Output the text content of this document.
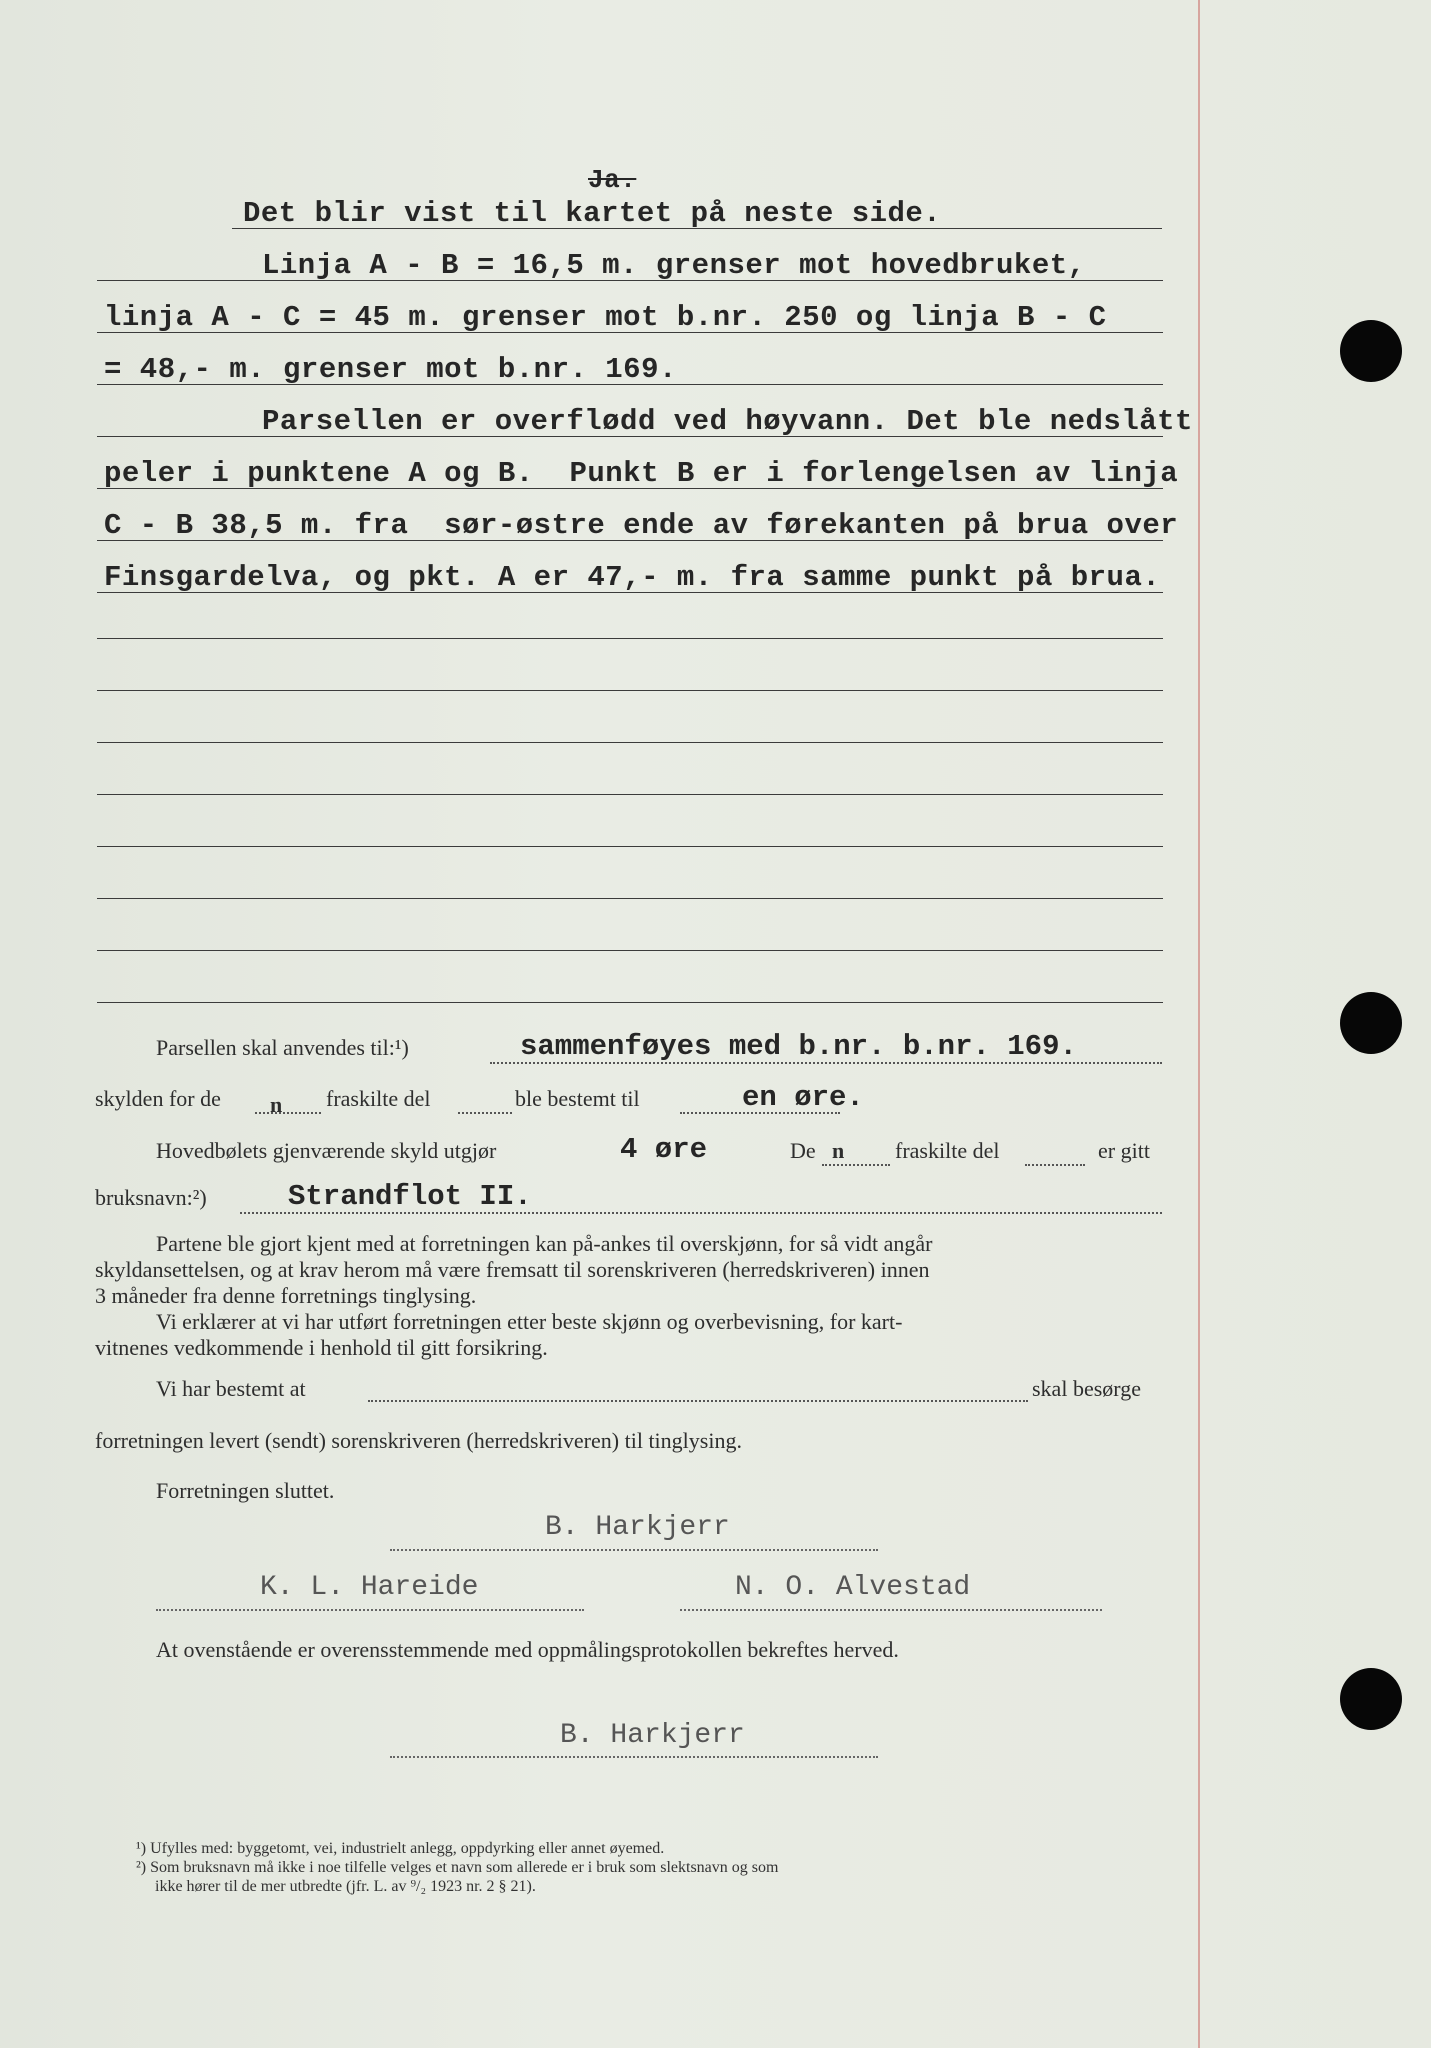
Ja.
Det blir vist til kartet på neste side.
Linja A - B = 16,5 m. grenser mot hovedbruket,
linja A - C = 45 m. grenser mot b.nr. 250 og linja B - C
= 48,- m. grenser mot b.nr. 169.
Parsellen er overflødd ved høyvann. Det ble nedslått
peler i punktene A og B.  Punkt B er i forlengelsen av linja
C - B 38,5 m. fra  sør-østre ende av førekanten på brua over
Finsgardelva, og pkt. A er 47,- m. fra samme punkt på brua.
Parsellen skal anvendes til:¹)	sammenføyes med b.nr. b.nr. 169.
skylden for de n fraskilte del	ble bestemt til	en øre.
Hovedbølets gjenværende skyld utgjør	4 øre	De n fraskilte del	er gitt
bruksnavn:²)	Strandflot II.

Partene ble gjort kjent med at forretningen kan på-ankes til overskjønn, for så vidt angår

skyldansettelsen, og at krav herom må være fremsatt til sorenskriveren (herredskriveren) innen

3 måneder fra denne forretnings tinglysing.

Vi erklærer at vi har utført forretningen etter beste skjønn og overbevisning, for kart-

vitnenes vedkommende i henhold til gitt forsikring.

Vi har bestemt at	skal besørge
forretningen levert (sendt) sorenskriveren (herredskriveren) til tinglysing.
Forretningen sluttet.
B. Harkjerr
K. L. Hareide	N. O. Alvestad
At ovenstående er overensstemmende med oppmålingsprotokollen bekreftes herved.
B. Harkjerr
¹) Ufylles med: byggetomt, vei, industrielt anlegg, oppdyrking eller annet øyemed.
²) Som bruksnavn må ikke i noe tilfelle velges et navn som allerede er i bruk som slektsnavn og som
ikke hører til de mer utbredte (jfr. L. av ⁹/₂ 1923 nr. 2 § 21).
